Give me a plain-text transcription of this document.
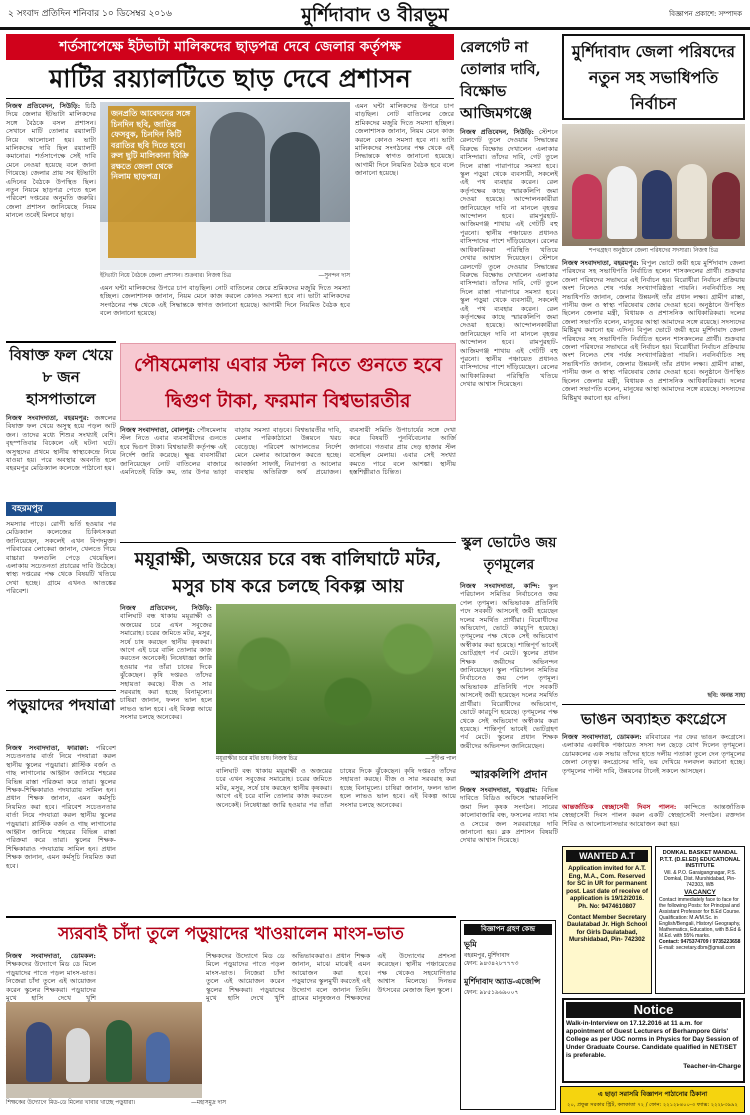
২ সংবাদ প্রতিদিন শনিবার ১০ ডিসেম্বর ২০১৬	মুর্শিদাবাদ ও বীরভূম	বিজ্ঞাপন প্রকাশে: সম্পাদক
শর্তসাপেক্ষে ইটভাটা মালিকদের ছাড়পত্র দেবে জেলার কর্তৃপক্ষ
মাটির রয়্যালটিতে ছাড় দেবে প্রশাসন
নিজস্ব প্রতিবেদন, সিউড়ি: চিঠি দিয়ে জেলার ইটভাটা মালিকদের সঙ্গে বৈঠকে বসল প্রশাসন। সেখানে মাটি তোলার রয়্যালটি নিয়ে আলোচনা হয়। ভাটা মালিকদের দাবি ছিল রয়্যালটি কমানোর। শর্তসাপেক্ষে সেই দাবি মেনে নেওয়া হয়েছে বলে জানা গিয়েছে। জেলার প্রায় সব ইটভাটা এদিনের বৈঠকে উপস্থিত ছিল। নতুন নিয়মে ছাড়পত্র পেতে হলে পরিবেশ দপ্তরের অনুমতি জরুরি। জেলা প্রশাসন জানিয়েছে নিয়ম মানলে তবেই মিলবে ছাড়।
জনপ্রতি আবেদনের সঙ্গে চিনদিন ছবি, জাতির ফেসবুক, চিনদিন কিটি বরাতির ছবি দিতে হবে। রুল ছুটি মালিকানা বিক্রি রক্ষতে জেলা থেকে নিলাম ছাড়পত্র।
ইটভাটা নিয়ে বৈঠকে জেলা প্রশাসন। শুক্রবার। নিজস্ব চিত্র	—সুনন্দন দাস
এমন ঘন্টা মালিকদের উপরে চাপ বাড়ছিল। নোট বাতিলের জেরে শ্রমিকদের মজুরি দিতে সমস্যা হচ্ছিল। জেলাশাসক জানান, নিয়ম মেনে কাজ করলে কোনও সমস্যা হবে না। ভাটা মালিকদের সংগঠনের পক্ষ থেকে এই সিদ্ধান্তকে স্বাগত জানানো হয়েছে। আগামী দিনে নিয়মিত বৈঠক হবে বলে জানানো হয়েছে।
এমন ঘন্টা মালিকদের উপরে চাপ বাড়ছিল। নোট বাতিলের জেরে শ্রমিকদের মজুরি দিতে সমস্যা হচ্ছিল। জেলাশাসক জানান, নিয়ম মেনে কাজ করলে কোনও সমস্যা হবে না। ভাটা মালিকদের সংগঠনের পক্ষ থেকে এই সিদ্ধান্তকে স্বাগত জানানো হয়েছে। আগামী দিনে নিয়মিত বৈঠক হবে বলে জানানো হয়েছে।
রেলগেট না তোলার দাবি, বিক্ষোভ আজিমগঞ্জে
নিজস্ব প্রতিবেদন, সিউড়ি: স্টেশনে রেলগেট তুলে দেওয়ার সিদ্ধান্তের বিরুদ্ধে বিক্ষোভ দেখালেন এলাকার বাসিন্দারা। তাঁদের দাবি, গেট তুলে দিলে রাস্তা পারাপারে সমস্যা হবে। স্কুল পড়ুয়া থেকে ব্যবসায়ী, সকলেই এই পথ ব্যবহার করেন। রেল কর্তৃপক্ষের কাছে স্মারকলিপি জমা দেওয়া হয়েছে। আন্দোলনকারীরা জানিয়েছেন দাবি না মানলে বৃহত্তর আন্দোলন হবে। রামপুরহাট-আজিমগঞ্জ শাখায় এই গেটটি বহু পুরনো। স্থানীয় পঞ্চায়েত প্রধানও বাসিন্দাদের পাশে দাঁড়িয়েছেন। রেলের আধিকারিকরা পরিস্থিতি খতিয়ে দেখার আশ্বাস দিয়েছেন। স্টেশনে রেলগেট তুলে দেওয়ার সিদ্ধান্তের বিরুদ্ধে বিক্ষোভ দেখালেন এলাকার বাসিন্দারা। তাঁদের দাবি, গেট তুলে দিলে রাস্তা পারাপারে সমস্যা হবে। স্কুল পড়ুয়া থেকে ব্যবসায়ী, সকলেই এই পথ ব্যবহার করেন। রেল কর্তৃপক্ষের কাছে স্মারকলিপি জমা দেওয়া হয়েছে। আন্দোলনকারীরা জানিয়েছেন দাবি না মানলে বৃহত্তর আন্দোলন হবে। রামপুরহাট-আজিমগঞ্জ শাখায় এই গেটটি বহু পুরনো। স্থানীয় পঞ্চায়েত প্রধানও বাসিন্দাদের পাশে দাঁড়িয়েছেন। রেলের আধিকারিকরা পরিস্থিতি খতিয়ে দেখার আশ্বাস দিয়েছেন।
মুর্শিদাবাদ জেলা পরিষদের নতুন সহ সভাধিপতি নির্বাচন
শপথগ্রহণ অনুষ্ঠানে জেলা পরিষদের সদস্যরা। নিজস্ব চিত্র
নিজস্ব সংবাদদাতা, বহরমপুর: বিপুল ভোটে জয়ী হয়ে মুর্শিদাবাদ জেলা পরিষদের সহ সভাধিপতি নির্বাচিত হলেন শাসকদলের প্রার্থী। শুক্রবার জেলা পরিষদের সভাঘরে এই নির্বাচন হয়। বিরোধীরা নির্বাচন প্রক্রিয়ায় অংশ নিলেও শেষ পর্যন্ত সংখ্যাগরিষ্ঠতা পায়নি। নবনির্বাচিত সহ সভাধিপতি জানান, জেলার উন্নয়নই তাঁর প্রধান লক্ষ্য। গ্রামীণ রাস্তা, পানীয় জল ও স্বাস্থ্য পরিষেবায় জোর দেওয়া হবে। অনুষ্ঠানে উপস্থিত ছিলেন জেলার মন্ত্রী, বিধায়ক ও প্রশাসনিক আধিকারিকরা। দলের জেলা সভাপতি বলেন, মানুষের আস্থা আমাদের সঙ্গে রয়েছে। সদস্যদের মিষ্টিমুখ করানো হয় এদিন। বিপুল ভোটে জয়ী হয়ে মুর্শিদাবাদ জেলা পরিষদের সহ সভাধিপতি নির্বাচিত হলেন শাসকদলের প্রার্থী। শুক্রবার জেলা পরিষদের সভাঘরে এই নির্বাচন হয়। বিরোধীরা নির্বাচন প্রক্রিয়ায় অংশ নিলেও শেষ পর্যন্ত সংখ্যাগরিষ্ঠতা পায়নি। নবনির্বাচিত সহ সভাধিপতি জানান, জেলার উন্নয়নই তাঁর প্রধান লক্ষ্য। গ্রামীণ রাস্তা, পানীয় জল ও স্বাস্থ্য পরিষেবায় জোর দেওয়া হবে। অনুষ্ঠানে উপস্থিত ছিলেন জেলার মন্ত্রী, বিধায়ক ও প্রশাসনিক আধিকারিকরা। দলের জেলা সভাপতি বলেন, মানুষের আস্থা আমাদের সঙ্গে রয়েছে। সদস্যদের মিষ্টিমুখ করানো হয় এদিন।
ছবি: অনন্ত সাহা
বিষাক্ত ফল খেয়ে ৮ জন হাসপাতালে
নিজস্ব সংবাদদাতা, বহরমপুর: জঙ্গলের বিষাক্ত ফল খেয়ে অসুস্থ হয়ে পড়ল আট জন। তাদের মধ্যে শিশুর সংখ্যাই বেশি। বৃহস্পতিবার বিকেলে এই ঘটনা ঘটে। অসুস্থদের প্রথমে স্থানীয় স্বাস্থ্যকেন্দ্রে নিয়ে যাওয়া হয়। পরে অবস্থার অবনতি হলে বহরমপুর মেডিক্যাল কলেজে পাঠানো হয়।
বহরমপুর
সমস্যার পাড়ে। রোগী ভর্তি হওয়ার পর মেডিক্যাল কলেজের চিকিৎসকরা জানিয়েছেন, সকলেই এখন বিপদমুক্ত। পরিবারের লোকেরা জানান, খেলতে গিয়ে বাচ্চারা ফলগুলি পেড়ে খেয়েছিল। এলাকায় সচেতনতা প্রচারের দাবি উঠেছে। স্বাস্থ্য দপ্তরের পক্ষ থেকে বিষয়টি খতিয়ে দেখা হচ্ছে। গ্রামে এখনও আতঙ্কের পরিবেশ।
পড়ুয়াদের পদযাত্রা
নিজস্ব সংবাদদাতা, ফারাক্কা: পরিবেশ সচেতনতার বার্তা নিয়ে পদযাত্রা করল স্থানীয় স্কুলের পড়ুয়ারা। প্লাস্টিক বর্জন ও গাছ লাগানোর আহ্বান জানিয়ে শহরের বিভিন্ন রাস্তা পরিক্রমা করে তারা। স্কুলের শিক্ষক-শিক্ষিকারাও পদযাত্রায় সামিল হন। প্রধান শিক্ষক জানান, এমন কর্মসূচি নিয়মিত করা হবে। পরিবেশ সচেতনতার বার্তা নিয়ে পদযাত্রা করল স্থানীয় স্কুলের পড়ুয়ারা। প্লাস্টিক বর্জন ও গাছ লাগানোর আহ্বান জানিয়ে শহরের বিভিন্ন রাস্তা পরিক্রমা করে তারা। স্কুলের শিক্ষক-শিক্ষিকারাও পদযাত্রায় সামিল হন। প্রধান শিক্ষক জানান, এমন কর্মসূচি নিয়মিত করা হবে।
পৌষমেলায় এবার স্টল নিতে গুনতে হবে দ্বিগুণ টাকা, ফরমান বিশ্বভারতীর
নিজস্ব সংবাদদাতা, বোলপুর: পৌষমেলায় স্টল নিতে এবার ব্যবসায়ীদের গুনতে হবে দ্বিগুণ টাকা। বিশ্বভারতী কর্তৃপক্ষ এই নির্দেশ জারি করেছে। ক্ষুব্ধ ব্যবসায়ীরা জানিয়েছেন নোট বাতিলের বাজারে এমনিতেই বিক্রি কম, তার উপর ভাড়া বাড়ায় সমস্যা বাড়বে। বিশ্বভারতীর দাবি, মেলার পরিকাঠামো উন্নয়নে খরচ বেড়েছে। পরিবেশ আদালতের নির্দেশ মেনে মেলার আয়োজন করতে হচ্ছে। আবর্জনা সাফাই, নিরাপত্তা ও আলোর ব্যবস্থায় অতিরিক্ত অর্থ প্রয়োজন। ব্যবসায়ী সমিতি উপাচার্যের সঙ্গে দেখা করে বিষয়টি পুনর্বিবেচনার আর্জি জানাবে। গতবার প্রায় দেড় হাজার স্টল বসেছিল মেলায়। এবার সেই সংখ্যা কমতে পারে বলে আশঙ্কা। স্থানীয় হস্তশিল্পীরাও চিন্তিত।
ময়ূরাক্ষী, অজয়ের চরে বন্ধ বালিঘাটে মটর, মসুর চাষ করে চলছে বিকল্প আয়
নিজস্ব প্রতিবেদন, সিউড়ি: বালিঘাট বন্ধ থাকায় ময়ূরাক্ষী ও অজয়ের চরে এখন সবুজের সমারোহ। চরের জমিতে মটর, মসুর, সর্ষে চাষ করছেন স্থানীয় কৃষকরা। আগে এই চরে বালি তোলার কাজ করতেন অনেকেই। নিষেধাজ্ঞা জারি হওয়ার পর তাঁরা চাষের দিকে ঝুঁকেছেন। কৃষি দপ্তরও তাঁদের সহায়তা করছে। বীজ ও সার সরবরাহ করা হচ্ছে বিনামূল্যে। চাষিরা জানান, ফলন ভাল হলে লাভও ভাল হবে। এই বিকল্প আয়ে সংসার চলছে অনেকের।
ময়ূরাক্ষীর চরে মটর চাষ। নিজস্ব চিত্র	—সুদীপ্ত পাল
বালিঘাট বন্ধ থাকায় ময়ূরাক্ষী ও অজয়ের চরে এখন সবুজের সমারোহ। চরের জমিতে মটর, মসুর, সর্ষে চাষ করছেন স্থানীয় কৃষকরা। আগে এই চরে বালি তোলার কাজ করতেন অনেকেই। নিষেধাজ্ঞা জারি হওয়ার পর তাঁরা চাষের দিকে ঝুঁকেছেন। কৃষি দপ্তরও তাঁদের সহায়তা করছে। বীজ ও সার সরবরাহ করা হচ্ছে বিনামূল্যে। চাষিরা জানান, ফলন ভাল হলে লাভও ভাল হবে। এই বিকল্প আয়ে সংসার চলছে অনেকের।
স্কুল ভোটেও জয় তৃণমূলের
নিজস্ব সংবাদদাতা, কান্দি: স্কুল পরিচালন সমিতির নির্বাচনেও জয় পেল তৃণমূল। অভিভাবক প্রতিনিধি পদে সবকটি আসনেই জয়ী হয়েছেন দলের সমর্থিত প্রার্থীরা। বিরোধীদের অভিযোগ, ভোটে কারচুপি হয়েছে। তৃণমূলের পক্ষ থেকে সেই অভিযোগ অস্বীকার করা হয়েছে। শান্তিপূর্ণ ভাবেই ভোটগ্রহণ পর্ব মেটে। স্কুলের প্রধান শিক্ষক জয়ীদের অভিনন্দন জানিয়েছেন। স্কুল পরিচালন সমিতির নির্বাচনেও জয় পেল তৃণমূল। অভিভাবক প্রতিনিধি পদে সবকটি আসনেই জয়ী হয়েছেন দলের সমর্থিত প্রার্থীরা। বিরোধীদের অভিযোগ, ভোটে কারচুপি হয়েছে। তৃণমূলের পক্ষ থেকে সেই অভিযোগ অস্বীকার করা হয়েছে। শান্তিপূর্ণ ভাবেই ভোটগ্রহণ পর্ব মেটে। স্কুলের প্রধান শিক্ষক জয়ীদের অভিনন্দন জানিয়েছেন।
স্মারকলিপি প্রদান
নিজস্ব সংবাদদাতা, খড়গ্রাম: বিভিন্ন দাবিতে বিডিও অফিসে স্মারকলিপি জমা দিল কৃষক সংগঠন। সারের কালোবাজারি বন্ধ, ফসলের ন্যায্য দাম ও সেচের জল সরবরাহের দাবি জানানো হয়। ব্লক প্রশাসন বিষয়টি দেখার আশ্বাস দিয়েছে।
ভাঙন অব্যাহত কংগ্রেসে
নিজস্ব সংবাদদাতা, ডোমকল: রবিবারের পর ফের ভাঙন কংগ্রেসে। এলাকার একাধিক পঞ্চায়েত সদস্য দল ছেড়ে যোগ দিলেন তৃণমূলে। ডোমকলের এক সভায় তাঁদের হাতে দলীয় পতাকা তুলে দেন তৃণমূলের জেলা নেতৃত্ব। কংগ্রেসের দাবি, ভয় দেখিয়ে দলবদল করানো হচ্ছে। তৃণমূলের পাল্টা দাবি, উন্নয়নের টানেই সকলে আসছেন।
আন্তর্জাতিক স্বেচ্ছাসেবী দিবস পালন: কান্দিতে আন্তর্জাতিক স্বেচ্ছাসেবী দিবস পালন করল একটি স্বেচ্ছাসেবী সংগঠন। রক্তদান শিবির ও আলোচনাসভার আয়োজন করা হয়।
WANTED A.T
Application invited for A.T. Eng, M.A., Com. Reserved for SC in UR for permanent post. Last date of receive of application is 19/12/2016. Ph. No: 9474610807
Contact Member Secretary Daulatabad Jr. High School for Girls Daulatabad, Murshidabad, Pin- 742302
DOMKAL BASKET MANDAL P.T.T. (D.El.ED) EDUCATIONAL INSTITUTE
Vill. & P.O. Garaigangnagar, P.S. Domkal, Dist. Murshidabad, Pin-742303, WB
VACANCY
Contact immediately face to face for the following Posts: for Principal and Assistant Professor for B.Ed Course. Qualification: M.A/M.Sc. in English/Bengali, History/ Geography, Mathematics, Education, with B.Ed & M.Ed. with 55% marks.
Contact: 9475374709 / 9735223658
E-mail: secretary.dbm@gmail.com
Notice
Walk-in-Interview on 17.12.2016 at 11 a.m. for appointment of Guest Lecturers of Berhampore Girls' College as per UGC norms in Physics for Day Session of Under Graduate Course. Candidate qualified in NET/SET is preferable.
Teacher-in-Charge
স্যরবাই চাঁদা তুলে পড়ুয়াদের খাওয়ালেন মাংস-ভাত
নিজস্ব সংবাদদাতা, ডোমকল: শিক্ষকদের উদ্যোগে মিড ডে মিলে পড়ুয়াদের পাতে পড়ল মাংস-ভাত। নিজেরা চাঁদা তুলে এই আয়োজন করেন স্কুলের শিক্ষকরা। পড়ুয়াদের মুখে হাসি দেখে খুশি
শিক্ষকের উদ্যোগে মিড-ডে মিলের খাবার খাচ্ছে পড়ুয়ারা।	—মহাসমুদ্র দাস
শিক্ষকদের উদ্যোগে মিড ডে মিলে পড়ুয়াদের পাতে পড়ল মাংস-ভাত। নিজেরা চাঁদা তুলে এই আয়োজন করেন স্কুলের শিক্ষকরা। পড়ুয়াদের মুখে হাসি দেখে খুশি অভিভাবকরাও। প্রধান শিক্ষক জানান, মাঝে মাঝেই এমন আয়োজন করা হবে। পড়ুয়াদের স্কুলমুখী করতেই এই উদ্যোগ বলে জানান তিনি। গ্রামের মানুষজনও শিক্ষকদের এই উদ্যোগের প্রশংসা করেছেন। স্থানীয় পঞ্চায়েতের পক্ষ থেকেও সহযোগিতার আশ্বাস মিলেছে। দিনভর উৎসবের মেজাজ ছিল স্কুলে।
বিজ্ঞাপন গ্রহণ কেন্দ্র
ভূমি
বহরমপুর, মুর্শিদাবাদ
ফোন: ৯৪৩৪২৮৭৭৭৩
মুর্শিদাবাদ অ্যাড-এজেন্সি
ফোন: ৯৮৫১৯৬৯০০৭
এ ছাড়া সরাসরি বিজ্ঞাপন পাঠানোর ঠিকানা
২০, প্রফুল্ল সরকার স্ট্রিট, কলকাতা ৭২ / ফোন: ২২১২৮৪০০-৩ ফ্যাক্স: ২২২৮৩৯৯২
